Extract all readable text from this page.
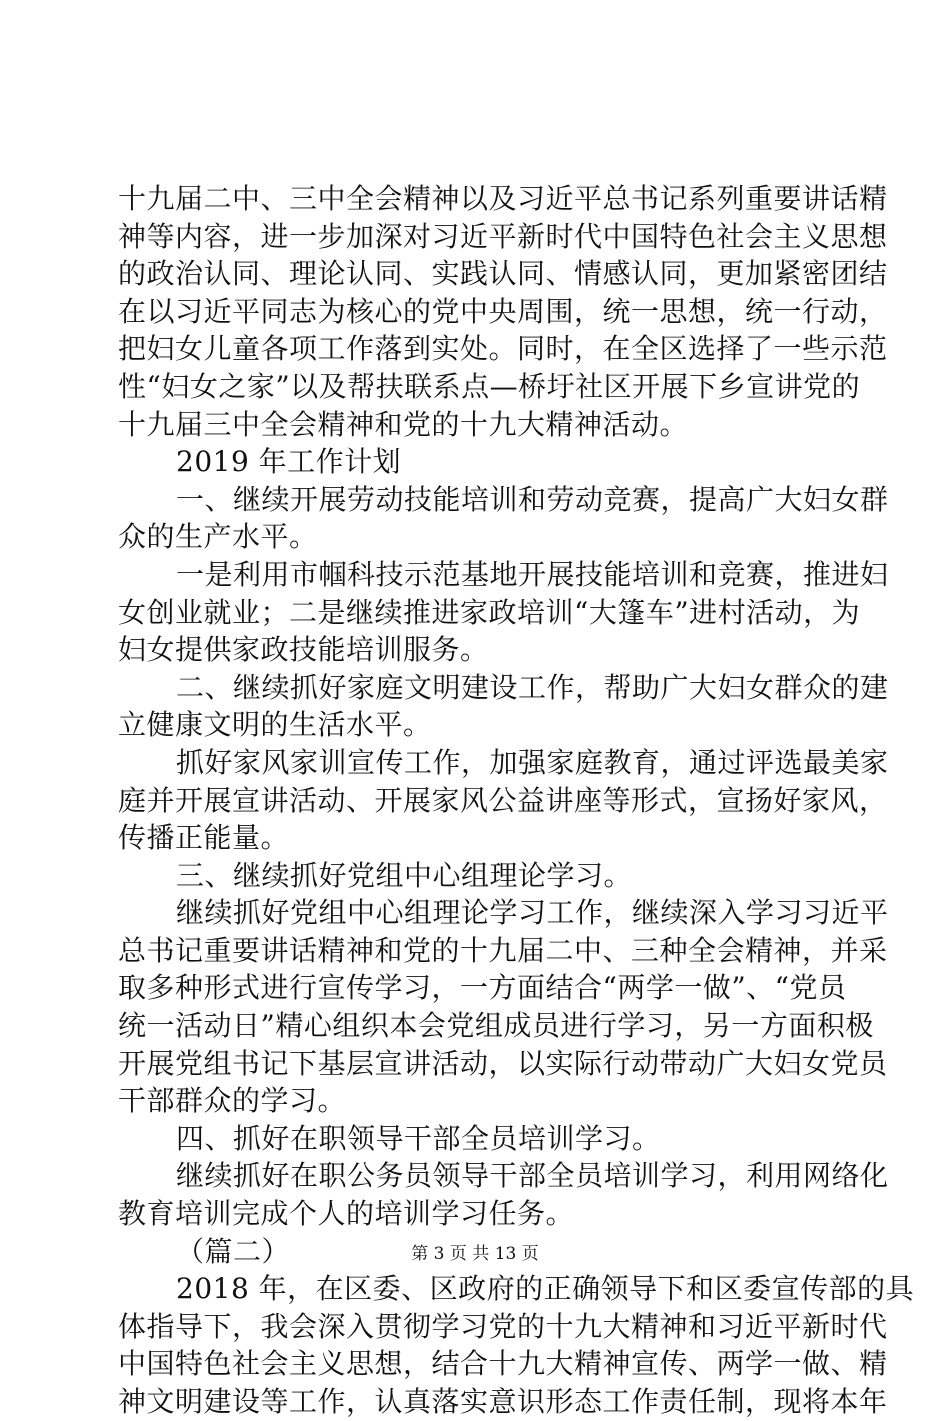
十九届二中、三中全会精神以及习近平总书记系列重要讲话精
神等内容，进一步加深对习近平新时代中国特色社会主义思想
的政治认同、理论认同、实践认同、情感认同，更加紧密团结
在以习近平同志为核心的党中央周围，统一思想，统一行动，
把妇女儿童各项工作落到实处。同时，在全区选择了一些示范
性“妇女之家”以及帮扶联系点—桥圩社区开展下乡宣讲党的
十九届三中全会精神和党的十九大精神活动。
2019 年工作计划
一、继续开展劳动技能培训和劳动竞赛，提高广大妇女群
众的生产水平。
一是利用市帼科技示范基地开展技能培训和竞赛，推进妇
女创业就业；二是继续推进家政培训“大篷车”进村活动，为
妇女提供家政技能培训服务。
二、继续抓好家庭文明建设工作，帮助广大妇女群众的建
立健康文明的生活水平。
抓好家风家训宣传工作，加强家庭教育，通过评选最美家
庭并开展宣讲活动、开展家风公益讲座等形式，宣扬好家风，
传播正能量。
三、继续抓好党组中心组理论学习。
继续抓好党组中心组理论学习工作，继续深入学习习近平
总书记重要讲话精神和党的十九届二中、三种全会精神，并采
取多种形式进行宣传学习，一方面结合“两学一做”、“党员
统一活动日”精心组织本会党组成员进行学习，另一方面积极
开展党组书记下基层宣讲活动，以实际行动带动广大妇女党员
干部群众的学习。
四、抓好在职领导干部全员培训学习。
继续抓好在职公务员领导干部全员培训学习，利用网络化
教育培训完成个人的培训学习任务。
（篇二）
2018 年，在区委、区政府的正确领导下和区委宣传部的具
体指导下，我会深入贯彻学习党的十九大精神和习近平新时代
中国特色社会主义思想，结合十九大精神宣传、两学一做、精
神文明建设等工作，认真落实意识形态工作责任制，现将本年
第 3 页 共 13 页
